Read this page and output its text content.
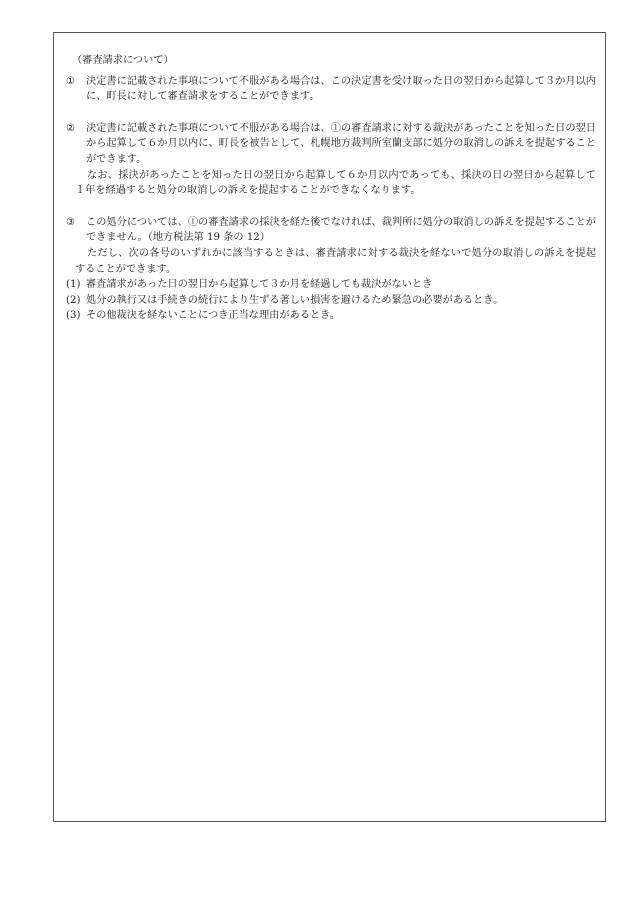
（審査請求について）
① 決定書に記載された事項について不服がある場合は、この決定書を受け取った日の翌日から起算して３か月以内に、町長に対して審査請求をすることができます。
② 決定書に記載された事項について不服がある場合は、①の審査請求に対する裁決があったことを知った日の翌日から起算して６か月以内に、町長を被告として、札幌地方裁判所室蘭支部に処分の取消しの訴えを提起することができます。
なお、採決があったことを知った日の翌日から起算して６か月以内であっても、採決の日の翌日から起算して１年を経過すると処分の取消しの訴えを提起することができなくなります。
③ この処分については、①の審査請求の採決を経た後でなければ、裁判所に処分の取消しの訴えを提起することができません。（地方税法第 19 条の 12）
ただし、次の各号のいずれかに該当するときは、審査請求に対する裁決を経ないで処分の取消しの訴えを提起することができます。
(1) 審査請求があった日の翌日から起算して３か月を経過しても裁決がないとき
(2) 処分の執行又は手続きの続行により生ずる著しい損害を避けるため緊急の必要があるとき。
(3) その他裁決を経ないことにつき正当な理由があるとき。
